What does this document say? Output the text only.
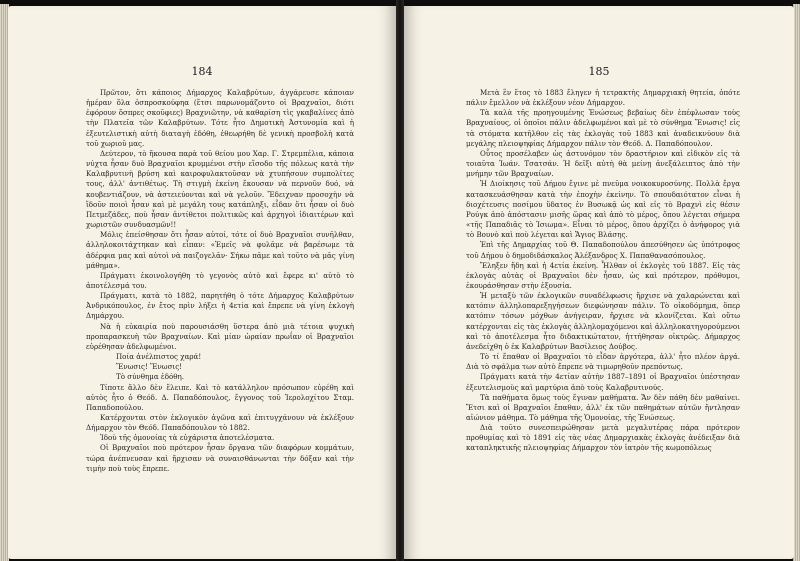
184

Πρῶτον, ὅτι κάποιος Δήμαρχος Καλαβρύτων, ἀγγάρευσε κάποιαν ἡμέραν ὅλα ὁσπροσκούφηα (ἔτσι παρωνομάζοντο οἱ Βραχναῖοι, διότι ἐφόρουν ὅσπρες σκοῦφιες) Βραχνιῶτην, νὰ καθαρίση τὶς γκαβαλίνες ἀπὸ τὴν Πλατεῖα τῶν Καλαβρύτων. Τότε ἦτο Δημοτικὴ Ἀστυνομία καὶ ἡ ἐξευτελιστικὴ αὐτὴ διαταγὴ ἐδόθη, ἐθεωρήθη δὲ γενικὴ προσβολὴ κατὰ τοῦ χωριοῦ μας.

Δεύτερον, τὸ ἤκουσα παρὰ τοῦ θείου μου Χαρ. Γ. Στρεμπέλια, κάποια νύχτα ἦσαν δυὸ Βραχναῖοι κρυμμένοι στὴν εἴσοδο τῆς πόλεως κατὰ τὴν Καλαβρυτινὴ βρύση καὶ καιροφυλακτοῦσαν νὰ χτυπήσουν συμπολίτες τους, ἀλλ' ἀντιθέτως. Τὴ στιγμὴ ἐκείνη ἔκουσαν νὰ περνοῦν δυό, νὰ κουβεντιάζουν, νὰ ἀστειεύονται καὶ νὰ γελοῦν. Ἔδειχναν προσοχὴν νὰ ἴδοῦν ποιοὶ ἦσαν καὶ μὲ μεγάλη τους κατάπληξι, εἶδαν ὅτι ἦσαν οἱ δυὸ Πετμεζάδες, ποὺ ἦσαν ἀντίθετοι πολιτικῶς καὶ ἀρχηγοὶ ἰδιαιτέρων καὶ χωριστῶν συνδυασμῶν!!

Μόλις ἐπείσθησαν ὅτι ἦσαν αὐτοί, τότε οἱ δυὸ Βραχναῖοι συνῆλθαν, ἀλληλοκοιτάχτηκαν καὶ εἶπαν: «Ἐμεῖς νὰ φυλᾶμε νὰ βαρέσωμε τὰ ἀδέρφια μας καὶ αὐτοὶ νὰ παιζογελᾶν· Σήκω πᾶμε καὶ τοῦτο νὰ μᾶς γίνη μάθημα».

Πράγματι ἐκοινολογήθη τὸ γεγονὸς αὐτὸ καὶ ἔφερε κι' αὐτὸ τὸ ἀποτέλεσμά του.

Πράγματι, κατὰ τὸ 1882, παρητήθη ὁ τότε Δήμαρχος Καλαβρύτων Ἀνδρικόπουλος, ἐν ἔτος πρὶν λήξει ἡ 4ετία καὶ ἔπρεπε νὰ γίνη ἐκλογὴ Δημάρχου.

Νὰ ἡ εὐκαιρία ποὺ παρουσιάσθη ὕστερα ἀπὸ μιὰ τέτοια ψυχικὴ προπαρασκευὴ τῶν Βραχναίων. Καὶ μίαν ὡραίαν πρωΐαν οἱ Βραχναῖοι εὑρέθησαν ἀδελφωμένοι.

Ποία ἀνέλπιστος χαρά!

Ἕνωσις! Ἕνωσις!

Τὸ σύνθημα ἐδόθη.

Τίποτε ἄλλο δὲν ἔλειπε. Καὶ τὸ κατάλληλον πρόσωπον εὑρέθη καὶ αὐτὸς ἦτο ὁ Θεόδ. Δ. Παπαδόπουλος, ἔγγονος τοῦ Ἱερολοχίτου Σταμ. Παπαδοπούλου.

Κατέρχονται στὸν ἐκλογικὸν ἀγῶνα καὶ ἐπιτυγχάνουν νὰ ἐκλέξουν Δήμαρχον τὸν Θεόδ. Παπαδόπουλον τὸ 1882.

Ἰδοὺ τῆς ὁμονοίας τὰ εὐχάριστα ἀποτελέσματα.

Οἱ Βραχναῖοι ποὺ πρότερον ἦσαν ὄργανα τῶν διαφόρων κομμάτων, τώρα ἀνέπνευσαν καὶ ἤρχισαν νὰ συναισθάνωνται τὴν δόξαν καὶ τὴν τιμὴν ποὺ τοὺς ἔπρεπε.

185

Μετὰ ἓν ἔτος τὸ 1883 ἔληγεν ἡ τετρακτὴς Δημαρχιακὴ θητεία, ὁπότε πάλιν ἔμελλον νὰ ἐκλέξουν νέον Δήμαρχον.

Τὰ καλὰ τῆς προηγουμένης Ἑνώσεως βεβαίως δὲν ἐπέφλωσαν τοὺς Βραχναίους, οἱ ὁποῖοι πάλιν ἀδελφωμένοι καὶ μὲ τὸ σύνθημα Ἕνωσις! εἰς τὰ στόματα κατῆλθον εἰς τὰς ἐκλογὰς τοῦ 1883 καὶ ἀναδεικνύουν διὰ μεγάλης πλειοψηφίας Δήμαρχον πάλιν τὸν Θεόδ. Δ. Παπαδόπουλον.

Οὗτος προσέλαβεν ὡς ἀστυνόμον τὸν δραστήριον καὶ εἰδικὸν εἰς τὰ τοιαῦτα Ἰωάν. Τσατσάν. Ἡ δεῖξι αὐτὴ θὰ μείνῃ ἀνεξάλειπτος ἀπὸ τὴν μνήμην τῶν Βραχναίων.

Ἡ Διοίκησις τοῦ Δήμου ἔγινε μὲ πνεῦμα νοικοκυροσύνης. Πολλὰ ἔργα κατασκευάσθησαν κατὰ τὴν ἐποχὴν ἐκείνην. Τὸ σπουδαιότατον εἶναι ἡ διοχέτευσις ποσίμου ὕδατος ἐν Βυσωκᾷ ὡς καὶ εἰς τὸ Βραχνὶ εἰς θέσιν Ρούγκ ἀπὸ ἀπόστασιν μισῆς ὥρας καὶ ἀπὸ τὸ μέρος, ὅπου λέγεται σήμερα «τῆς Παπαδιᾶς τὸ Ἰσιωμα». Εἶναι τὸ μέρος, ὅπου ἀρχίζει ὁ ἀνήφορος γιὰ τὸ Βουνὸ καὶ ποὺ λέγεται καὶ Ἅγιος Βλάσης.

Ἐπὶ τῆς Δημαρχίας τοῦ Θ. Παπαδοπούλου ἀπεσύθησεν ὡς ὑπότροφος τοῦ Δήμου ὁ δημοδιδάσκαλος Ἀλέξανδρος Χ. Παπαθανασόπουλος.

Ἔληξεν ἤδη καὶ ἡ 4ετία ἐκείνη. Ἦλθαν οἱ ἐκλογὲς τοῦ 1887. Εἰς τὰς ἐκλογὰς αὐτὰς οἱ Βραχναῖοι δὲν ἦσαν, ὡς καὶ πρότερον, πρόθυμοι, ἐκουράσθησαν στὴν ἐξουσία.

Ἡ μεταξὺ τῶν ἐκλογικῶν συναδέλφωσις ἤρχισε νὰ χαλαρώνεται καὶ κατόπιν ἀλληλοπαρεξηγήσεων διεφώνησαν πάλιν. Τὸ οἰκοδόμημα, ὅπερ κατόπιν τόσων μόχθων ἀνήγειραν, ἤρχισε νὰ κλονίζεται. Καὶ οὕτω κατέρχονται εἰς τὰς ἐκλογὰς ἀλληλομαχόμενοι καὶ ἀλληλοκατηγορούμενοι καὶ τὸ ἀποτέλεσμα ἦτο διδακτικώτατον, ἡττήθησαν οἰκτρῶς. Δήμαρχος ἀνεδείχθη ὁ ἐκ Καλαβρύτων Βασίλειος Δούβος.

Τὸ τί ἔπαθαν οἱ Βραχναῖοι τὸ εἶδαν ἀργότερα, ἀλλ' ἦτο πλέον ἀργά. Διὰ τὸ σφάλμα των αὐτὸ ἔπρεπε νὰ τιμωρηθοῦν πρεπόντως.

Πράγματι κατὰ τὴν 4ετίαν αὐτὴν 1887–1891 οἱ Βραχναῖοι ὑπέστησαν ἐξευτελισμοὺς καὶ μαρτύρια ἀπὸ τοὺς Καλαβρυτινούς.

Τὰ παθήματα ὅμως τοὺς ἔγιναν μαθήματα. Ἄν δὲν πάθη δὲν μαθαίνει. Ἔτσι καὶ οἱ Βραχναῖοι ἔπαθαν, ἀλλ' ἐκ τῶν παθημάτων αὐτῶν ἤντλησαν αἰώνιον μάθημα. Τὸ μάθημα τῆς Ὁμονοίας, τῆς Ἑνώσεως.

Διὰ τοῦτο συνεσπειρώθησαν μετὰ μεγαλυτέρας πάρα πρότερον προθυμίας καὶ τὸ 1891 εἰς τὰς νέας Δημαρχιακὰς ἐκλογὰς ἀνέδειξαν διὰ καταπληκτικῆς πλειοψηφίας Δήμαρχον τὸν ἰατρὸν τῆς κωμοπόλεως
